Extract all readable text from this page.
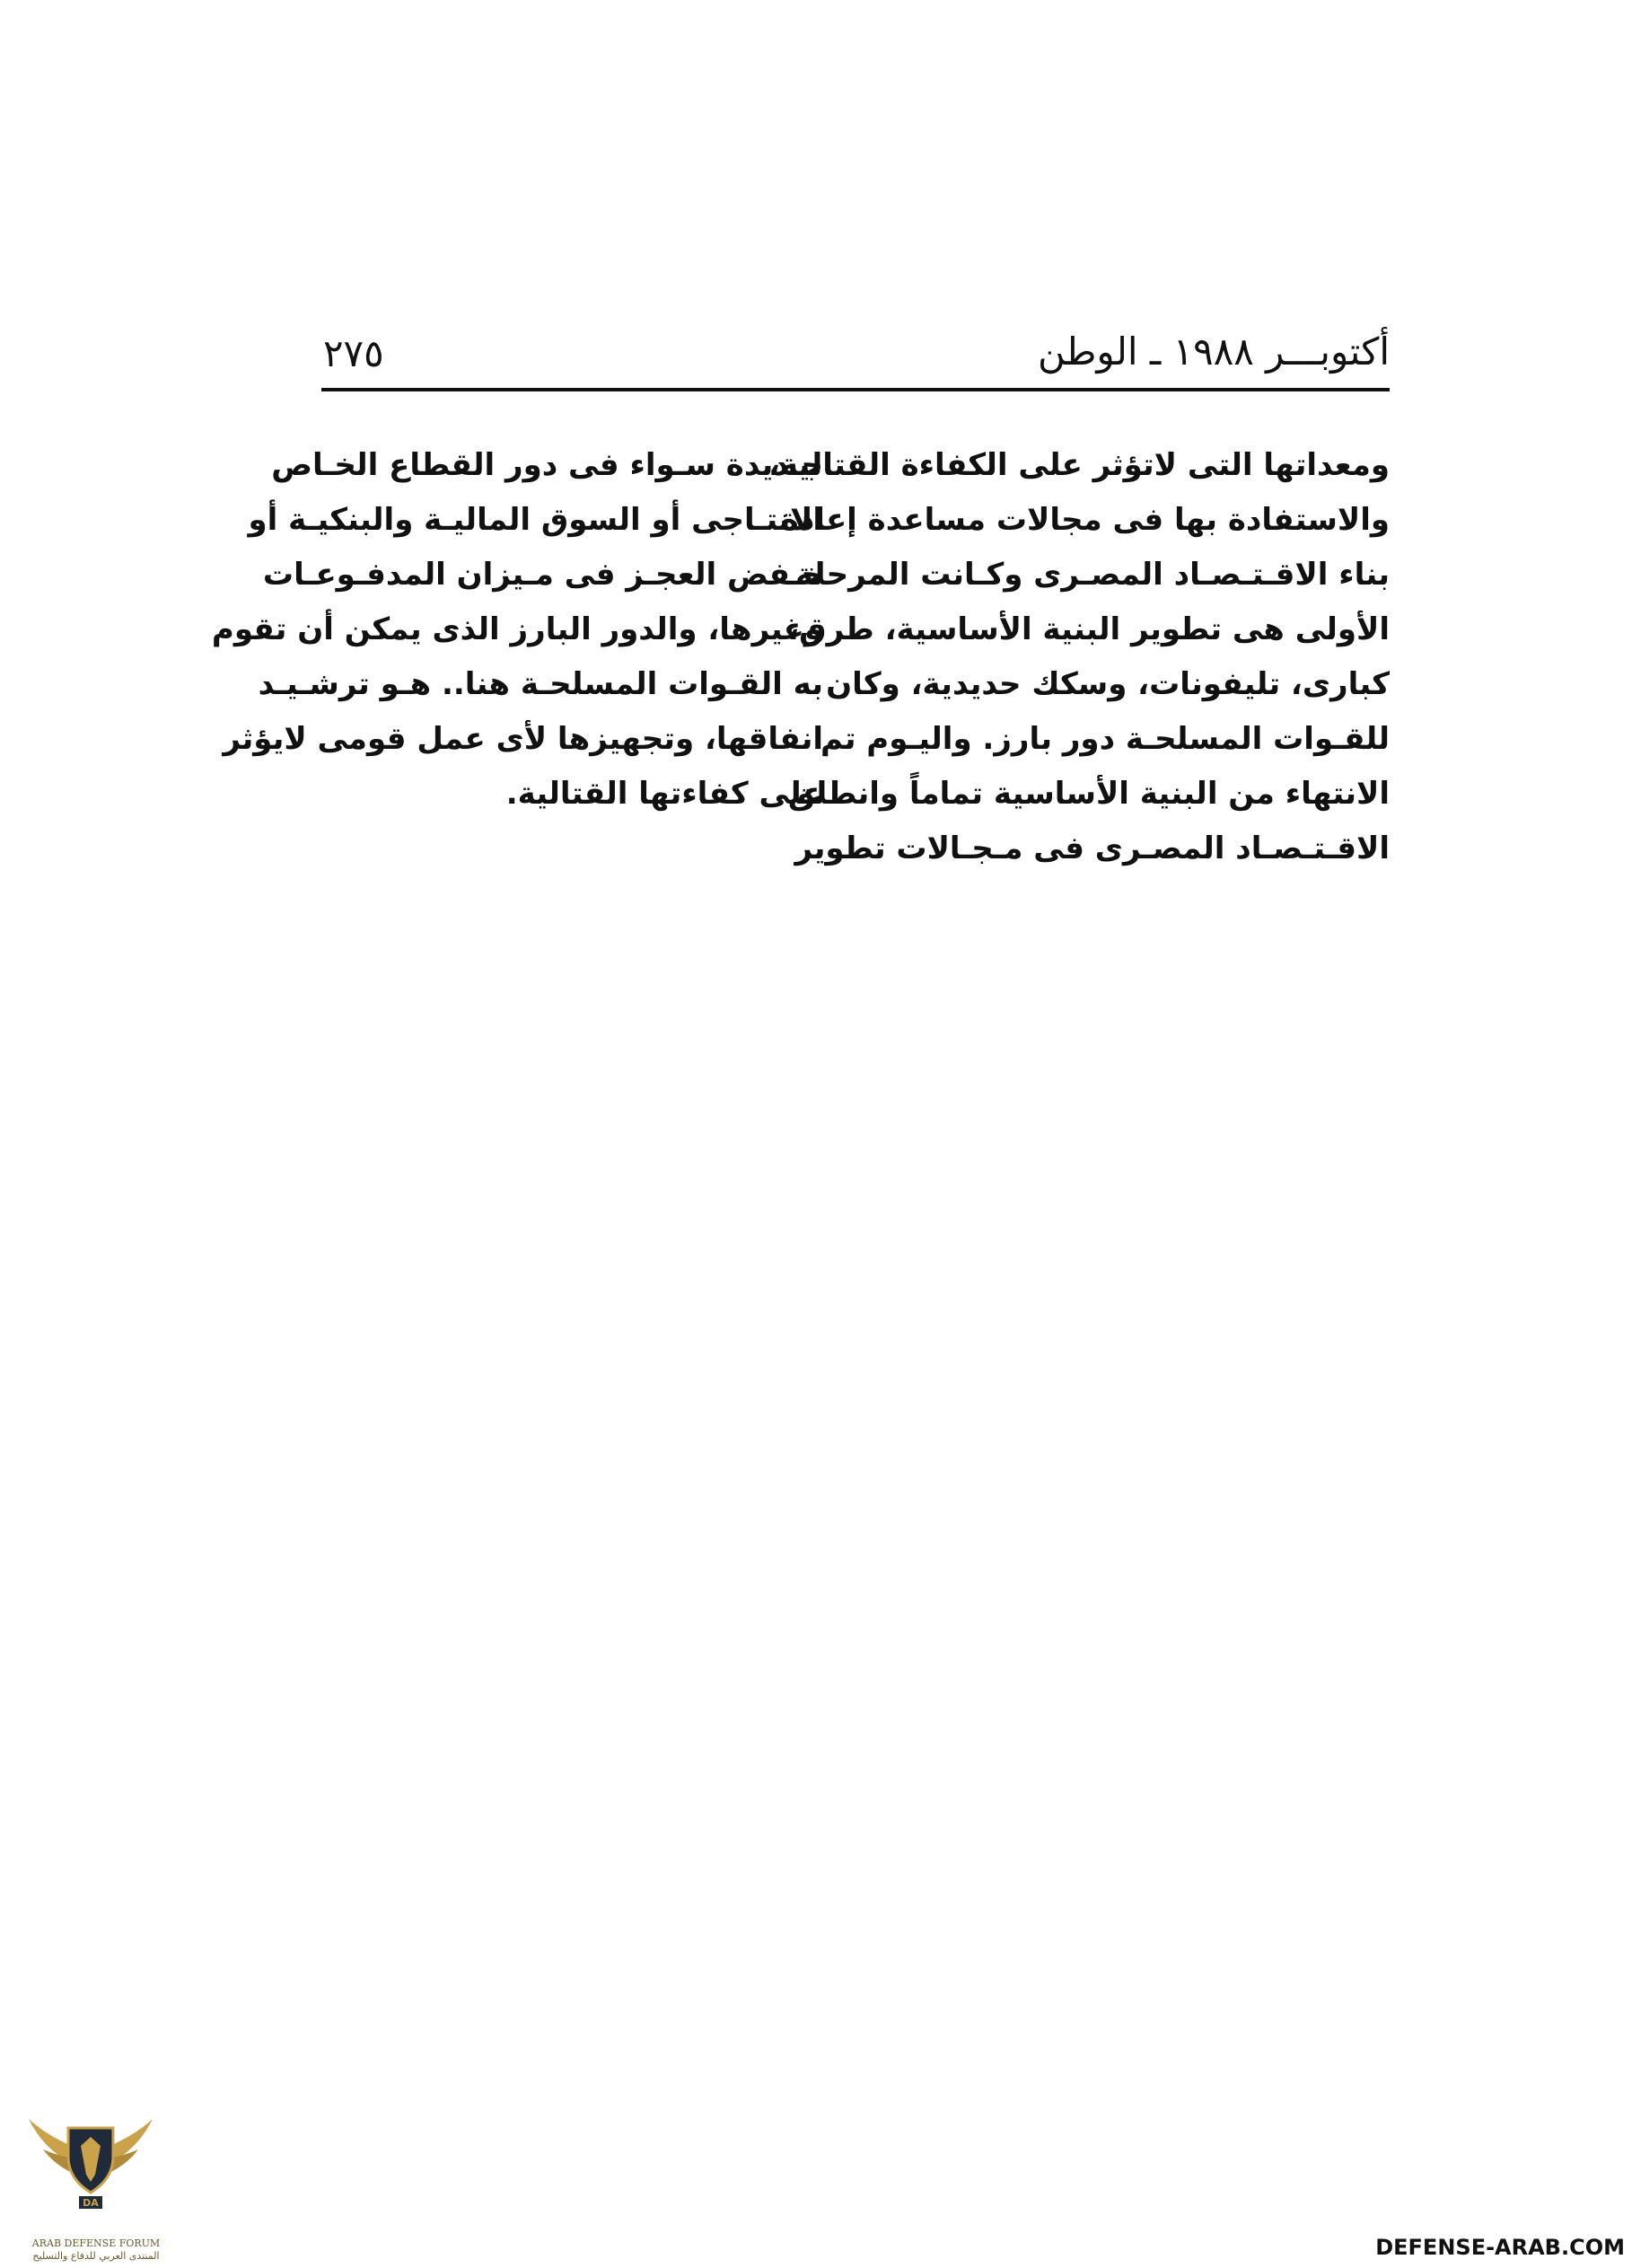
أكتوبـــر ١٩٨٨ ـ الوطن
٢٧٥
ومعداتها التى لاتؤثر على الكفاءة القتالية،
والاستفادة بها فى مجالات مساعدة إعادة
بناء الاقـتـصـاد المصـرى وكـانت المرحلة
الأولى هى تطوير البنية الأساسية، طرق،
كبارى، تليفونات، وسكك حديدية، وكان
للقـوات المسلحـة دور بارز. واليـوم تم
الانتهاء من البنية الأساسية تماماً وانطلق
الاقـتـصـاد المصـرى فى مـجـالات تطوير
جـديدة سـواء فى دور القطاع الخـاص
الانتـاجى أو السوق الماليـة والبنكيـة أو
خـفض العجـز فى مـيزان المدفـوعـات
وغيرها، والدور البارز الذى يمكن أن تقوم
به القـوات المسلحـة هنا.. هـو ترشـيـد
انفاقها، وتجهيزها لأى عمل قومى لايؤثر
على كفاءتها القتالية.
DA
ARAB DEFENSE FORUM
المنتدى العربي للدفاع والتسليح	DEFENSE-ARAB.COM
